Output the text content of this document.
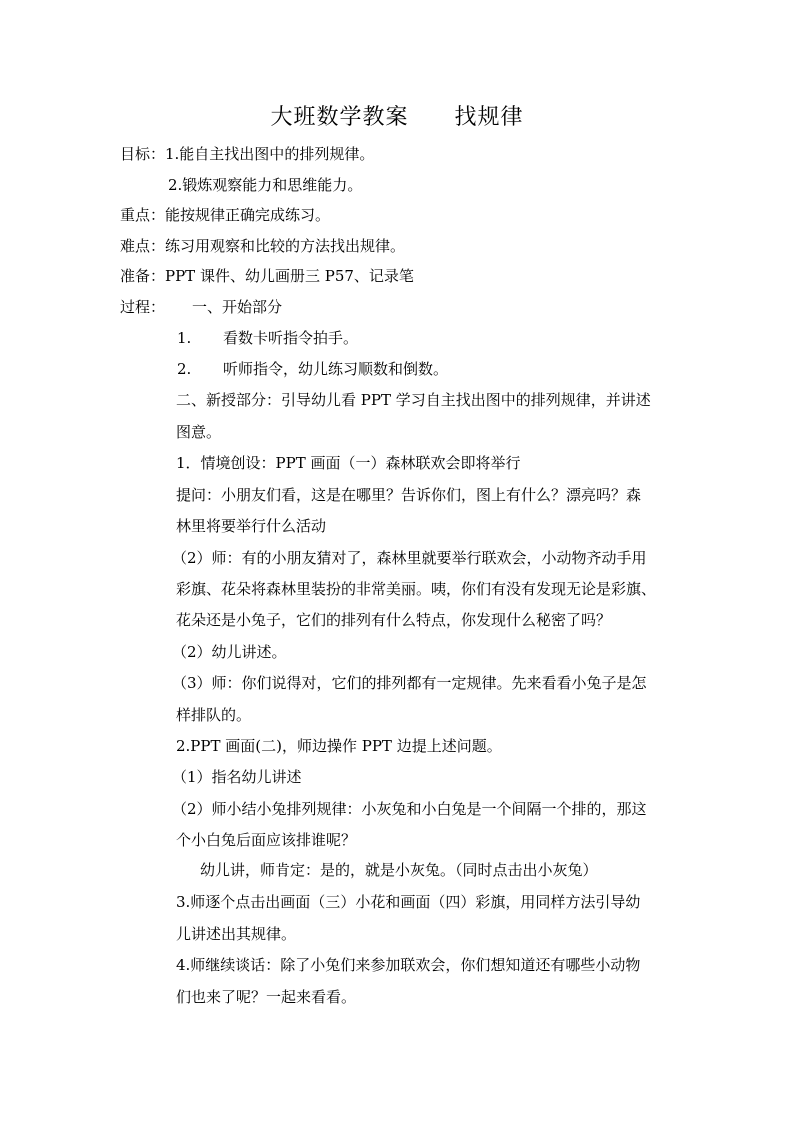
大班数学教案 找规律
目标：1.能自主找出图中的排列规律。
2.锻炼观察能力和思维能力。
重点：能按规律正确完成练习。
难点：练习用观察和比较的方法找出规律。
准备：PPT 课件、幼儿画册三 P57、记录笔
过程： 一、开始部分
1. 看数卡听指令拍手。
2. 听师指令，幼儿练习顺数和倒数。
二、新授部分：引导幼儿看 PPT 学习自主找出图中的排列规律，并讲述
图意。
1．情境创设：PPT 画面（一）森林联欢会即将举行
提问：小朋友们看，这是在哪里？告诉你们，图上有什么？漂亮吗？森
林里将要举行什么活动
（2）师：有的小朋友猜对了，森林里就要举行联欢会，小动物齐动手用
彩旗、花朵将森林里装扮的非常美丽。咦，你们有没有发现无论是彩旗、
花朵还是小兔子，它们的排列有什么特点，你发现什么秘密了吗？
（2）幼儿讲述。
（3）师：你们说得对，它们的排列都有一定规律。先来看看小兔子是怎
样排队的。
2.PPT 画面(二)，师边操作 PPT 边提上述问题。
（1）指名幼儿讲述
（2）师小结小兔排列规律：小灰兔和小白兔是一个间隔一个排的，那这
个小白兔后面应该排谁呢？
幼儿讲，师肯定：是的，就是小灰兔。（同时点击出小灰兔）
3.师逐个点击出画面（三）小花和画面（四）彩旗，用同样方法引导幼
儿讲述出其规律。
4.师继续谈话：除了小兔们来参加联欢会，你们想知道还有哪些小动物
们也来了呢？一起来看看。
